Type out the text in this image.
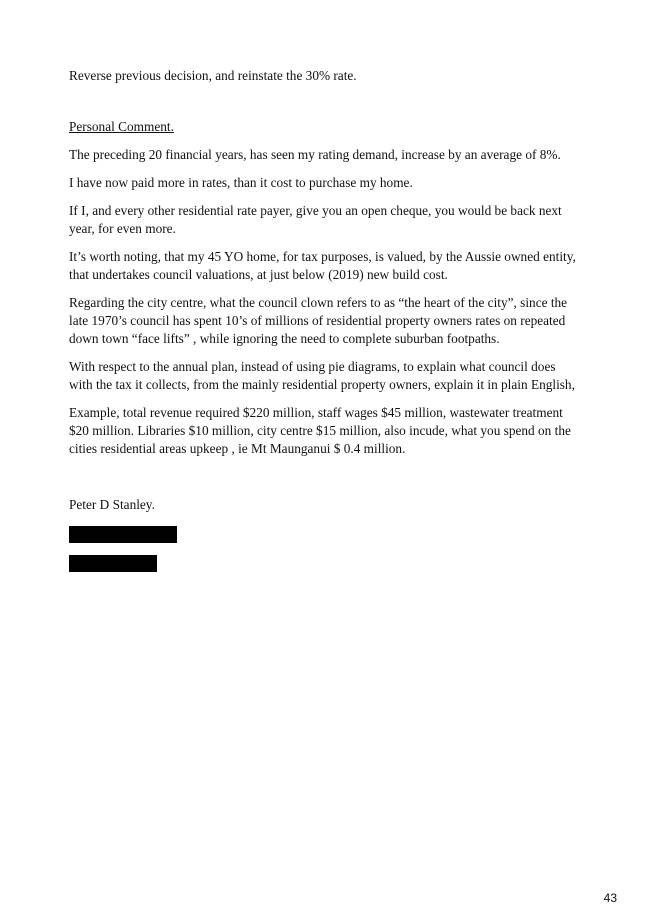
Reverse previous decision, and reinstate the 30% rate.

Personal Comment.

The preceding 20 financial years, has seen my rating demand, increase by an average of 8%.

I have now paid more in rates, than it cost to purchase my home.

If I, and every other residential rate payer, give you an open cheque, you would be back next year, for even more.

It’s worth noting, that my 45 YO home, for tax purposes, is valued, by the Aussie owned entity, that undertakes council valuations, at just below (2019) new build cost.

Regarding the city centre, what the council clown refers to as “the heart of the city”, since the late 1970’s council has spent 10’s of millions of residential property owners rates on repeated down town “face lifts” , while ignoring the need to complete suburban footpaths.

With respect to the annual plan, instead of using pie diagrams, to explain what council does with the tax it collects, from the mainly residential property owners, explain it in plain English,

Example, total revenue required $220 million, staff wages $45 million, wastewater treatment $20 million. Libraries $10 million, city centre $15 million, also incude, what you spend on the cities residential areas upkeep , ie Mt Maunganui $ 0.4 million.

Peter D Stanley.

43
